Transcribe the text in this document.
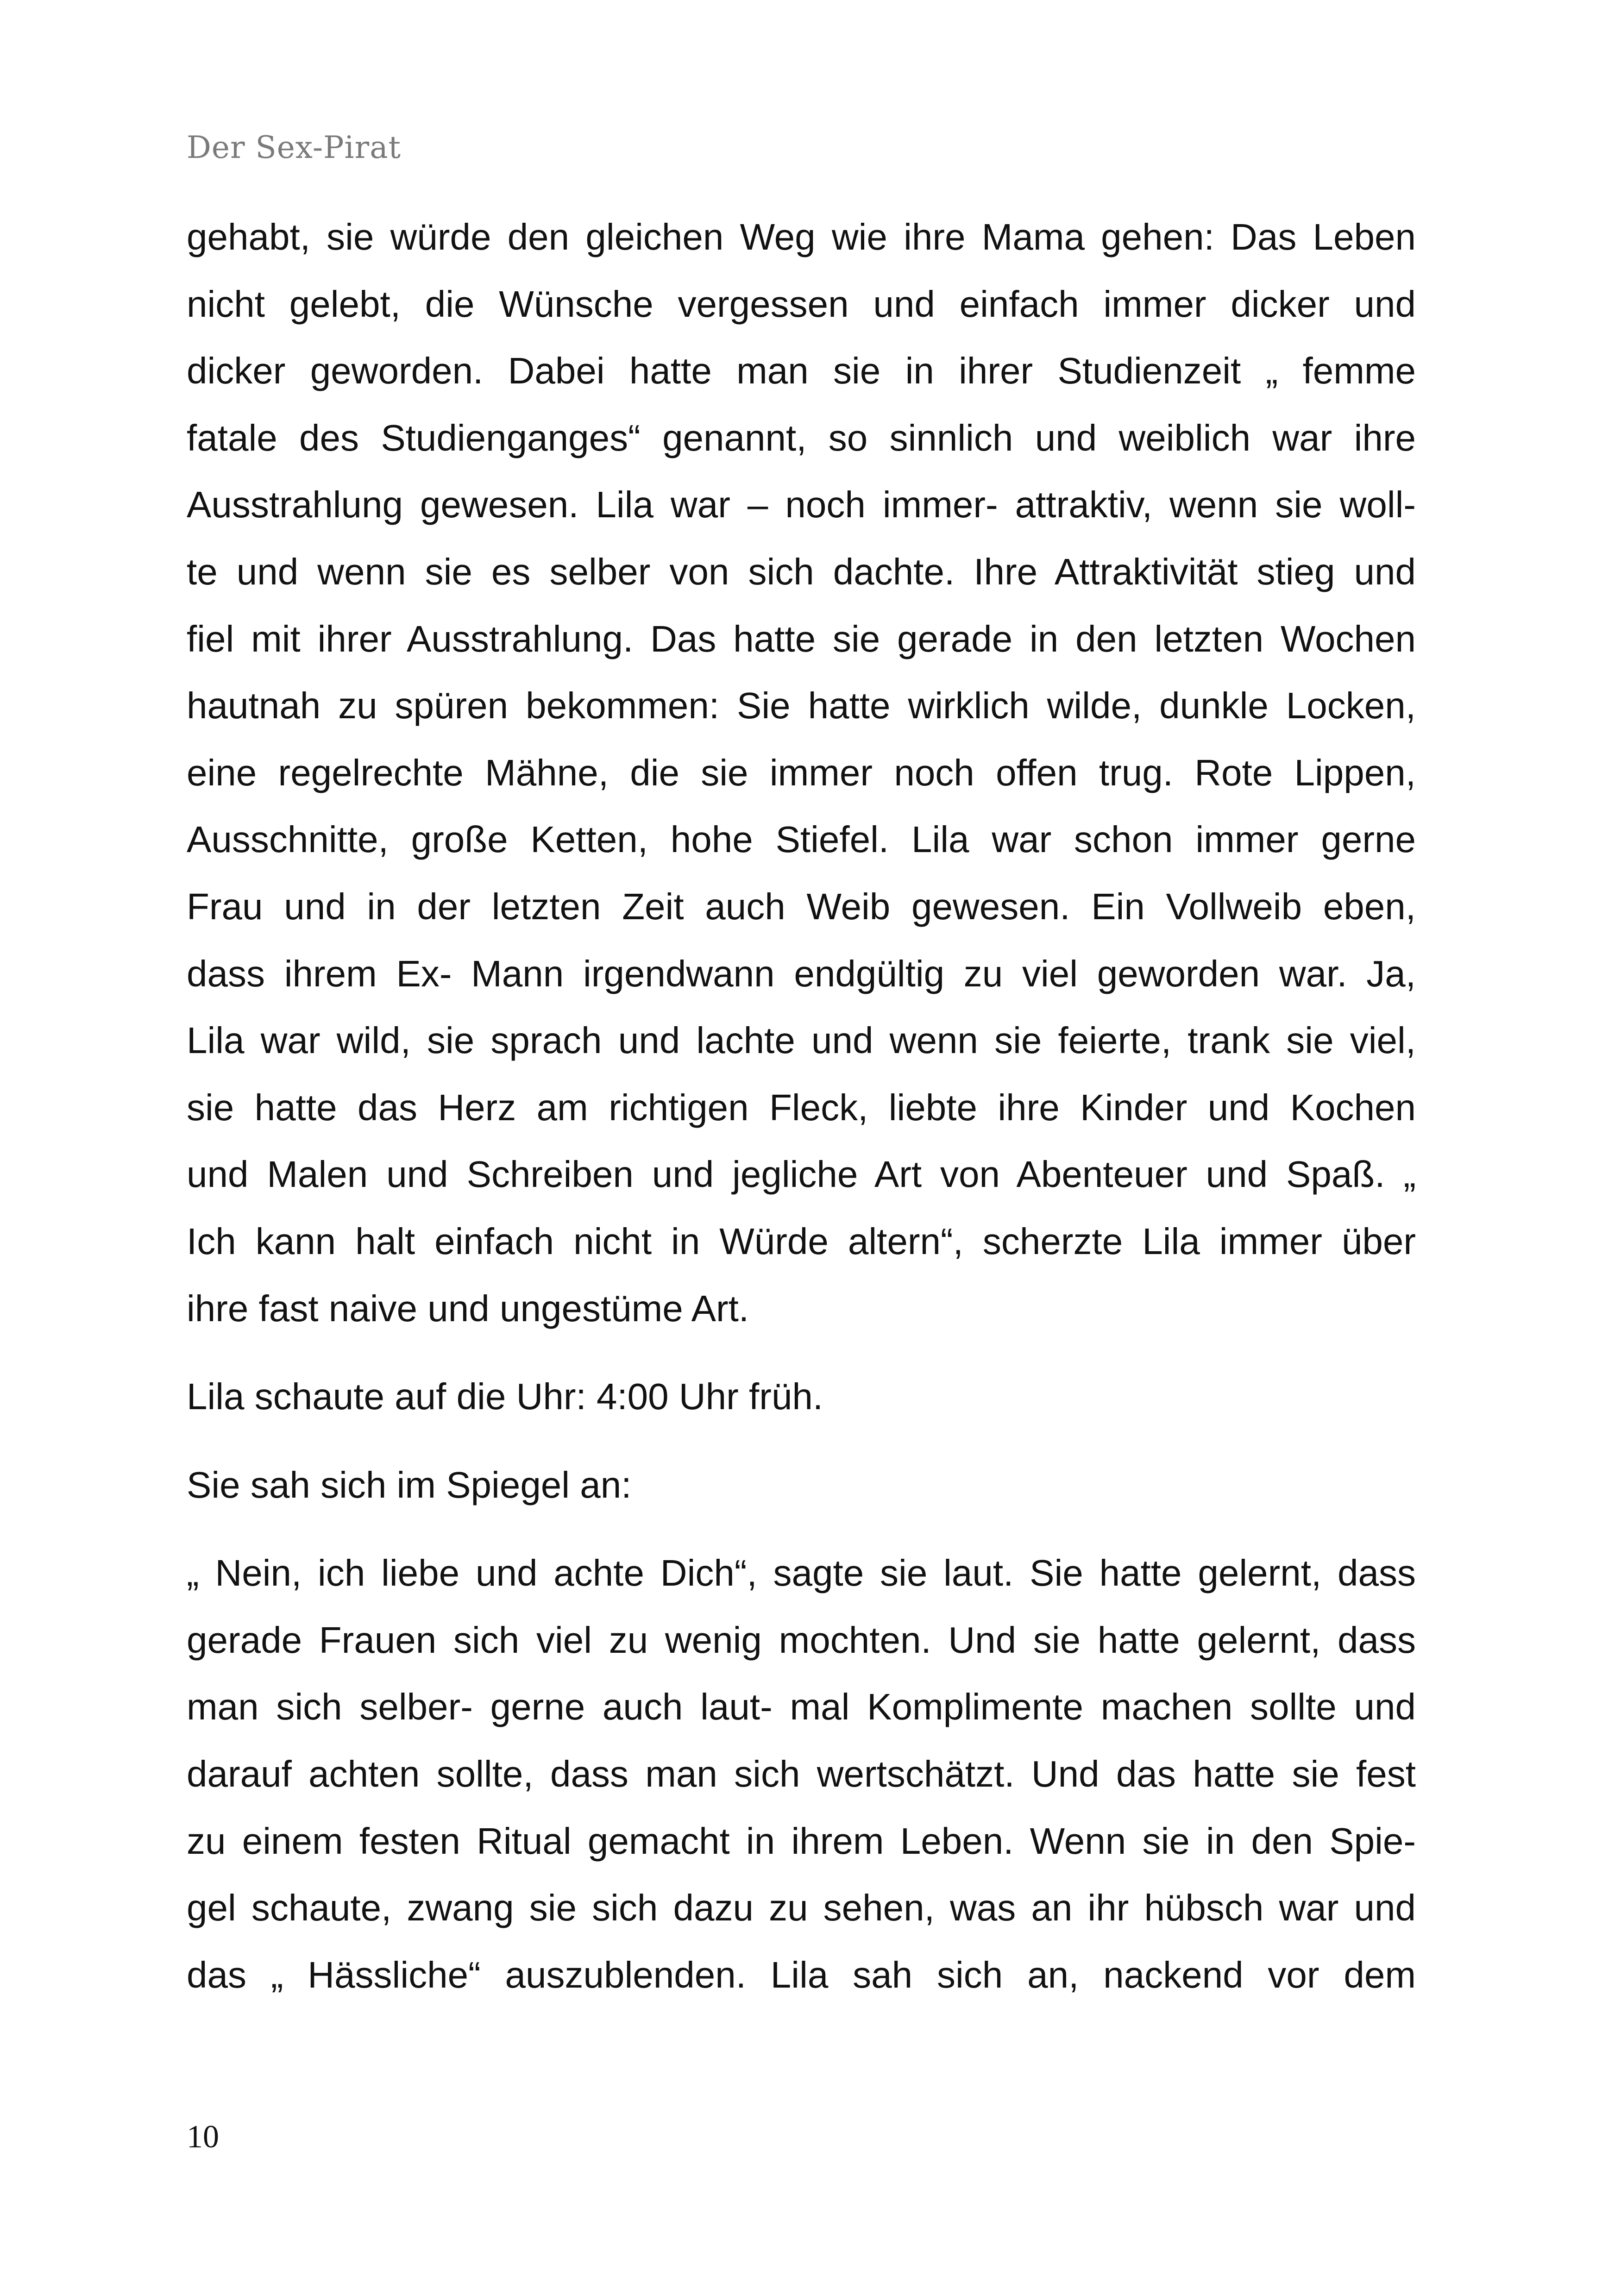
Der Sex-Pirat
gehabt, sie würde den gleichen Weg wie ihre Mama gehen: Das Leben
nicht gelebt, die Wünsche vergessen und einfach immer dicker und
dicker geworden. Dabei hatte man sie in ihrer Studienzeit „ femme
fatale des Studienganges“ genannt, so sinnlich und weiblich war ihre
Ausstrahlung gewesen. Lila war – noch immer- attraktiv, wenn sie woll-
te und wenn sie es selber von sich dachte. Ihre Attraktivität stieg und
fiel mit ihrer Ausstrahlung. Das hatte sie gerade in den letzten Wochen
hautnah zu spüren bekommen: Sie hatte wirklich wilde, dunkle Locken,
eine regelrechte Mähne, die sie immer noch offen trug. Rote Lippen,
Ausschnitte, große Ketten, hohe Stiefel. Lila war schon immer gerne
Frau und in der letzten Zeit auch Weib gewesen. Ein Vollweib eben,
dass ihrem Ex- Mann irgendwann endgültig zu viel geworden war. Ja,
Lila war wild, sie sprach und lachte und wenn sie feierte, trank sie viel,
sie hatte das Herz am richtigen Fleck, liebte ihre Kinder und Kochen
und Malen und Schreiben und jegliche Art von Abenteuer und Spaß. „
Ich kann halt einfach nicht in Würde altern“, scherzte Lila immer über
ihre fast naive und ungestüme Art.
Lila schaute auf die Uhr: 4:00 Uhr früh.
Sie sah sich im Spiegel an:
„ Nein, ich liebe und achte Dich“, sagte sie laut. Sie hatte gelernt, dass
gerade Frauen sich viel zu wenig mochten. Und sie hatte gelernt, dass
man sich selber- gerne auch laut- mal Komplimente machen sollte und
darauf achten sollte, dass man sich wertschätzt. Und das hatte sie fest
zu einem festen Ritual gemacht in ihrem Leben. Wenn sie in den Spie-
gel schaute, zwang sie sich dazu zu sehen, was an ihr hübsch war und
das „ Hässliche“ auszublenden. Lila sah sich an, nackend vor dem
10
